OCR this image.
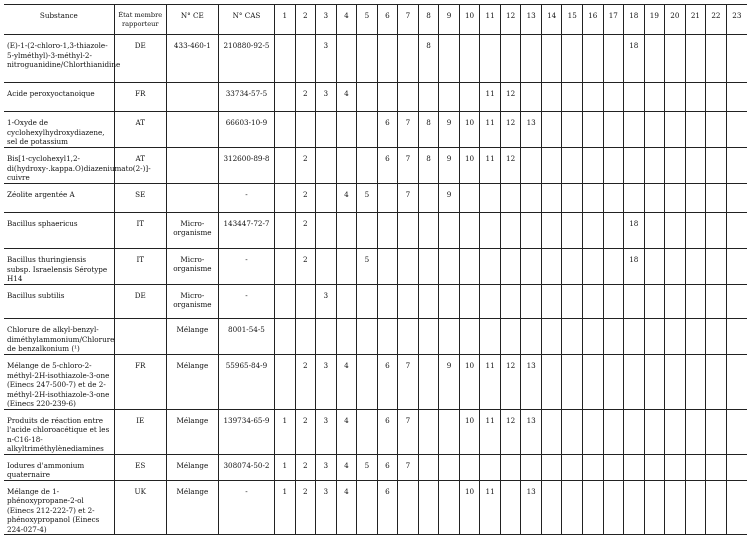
Substance	État membre rapporteur	N° CE	N° CAS	1	2	3	4	5	6	7	8	9	10	11	12	13	14	15	16	17	18	19	20	21	22	23
(E)-1-(2-chloro-1,3-thiazole-5-ylméthyl)-3-méthyl-2-nitroguanidine/Chlorthianidine	DE	433-460-1	210880-92-5			3					8										18					
Acide peroxyoctanoique	FR		33734-57-5		2	3	4							11	12											
1-Oxyde de cyclohexylhydroxydiazene, sel de potassium	AT		66603-10-9						6	7	8	9	10	11	12	13										
Bis[1-cyclohexyl1,2-di(hydroxy-.kappa.O)diazeniumato(2-)]-cuivre	AT		312600-89-8		2				6	7	8	9	10	11	12											
Zéolite argentée A	SE		-		2		4	5		7		9														
Bacillus sphaericus	IT	Micro-organisme	143447-72-7		2																18					
Bacillus thuringiensis subsp. Israelensis Sérotype H14	IT	Micro-organisme	-		2			5													18					
Bacillus subtilis	DE	Micro-organisme	-			3																				
Chlorure de alkyl-benzyl-diméthylammonium/Chlorure de benzalkonium (¹)		Mélange	8001-54-5																							
Mélange de 5-chloro-2-méthyl-2H-isothiazole-3-one (Einecs 247-500-7) et de 2-méthyl-2H-isothiazole-3-one (Einecs 220-239-6)	FR	Mélange	55965-84-9		2	3	4		6	7		9	10	11	12	13										
Produits de réaction entre l'acide chloroacétique et les n-C16-18-alkyltriméthylènediamines	IE	Mélange	139734-65-9	1	2	3	4		6	7			10	11	12	13										
Iodures d'ammonium quaternaire	ES	Mélange	308074-50-2	1	2	3	4	5	6	7																
Mélange de 1-phénoxypropane-2-ol (Einecs 212-222-7) et 2-phénoxypropanol (Einecs 224-027-4)	UK	Mélange	-	1	2	3	4		6				10	11		13										
